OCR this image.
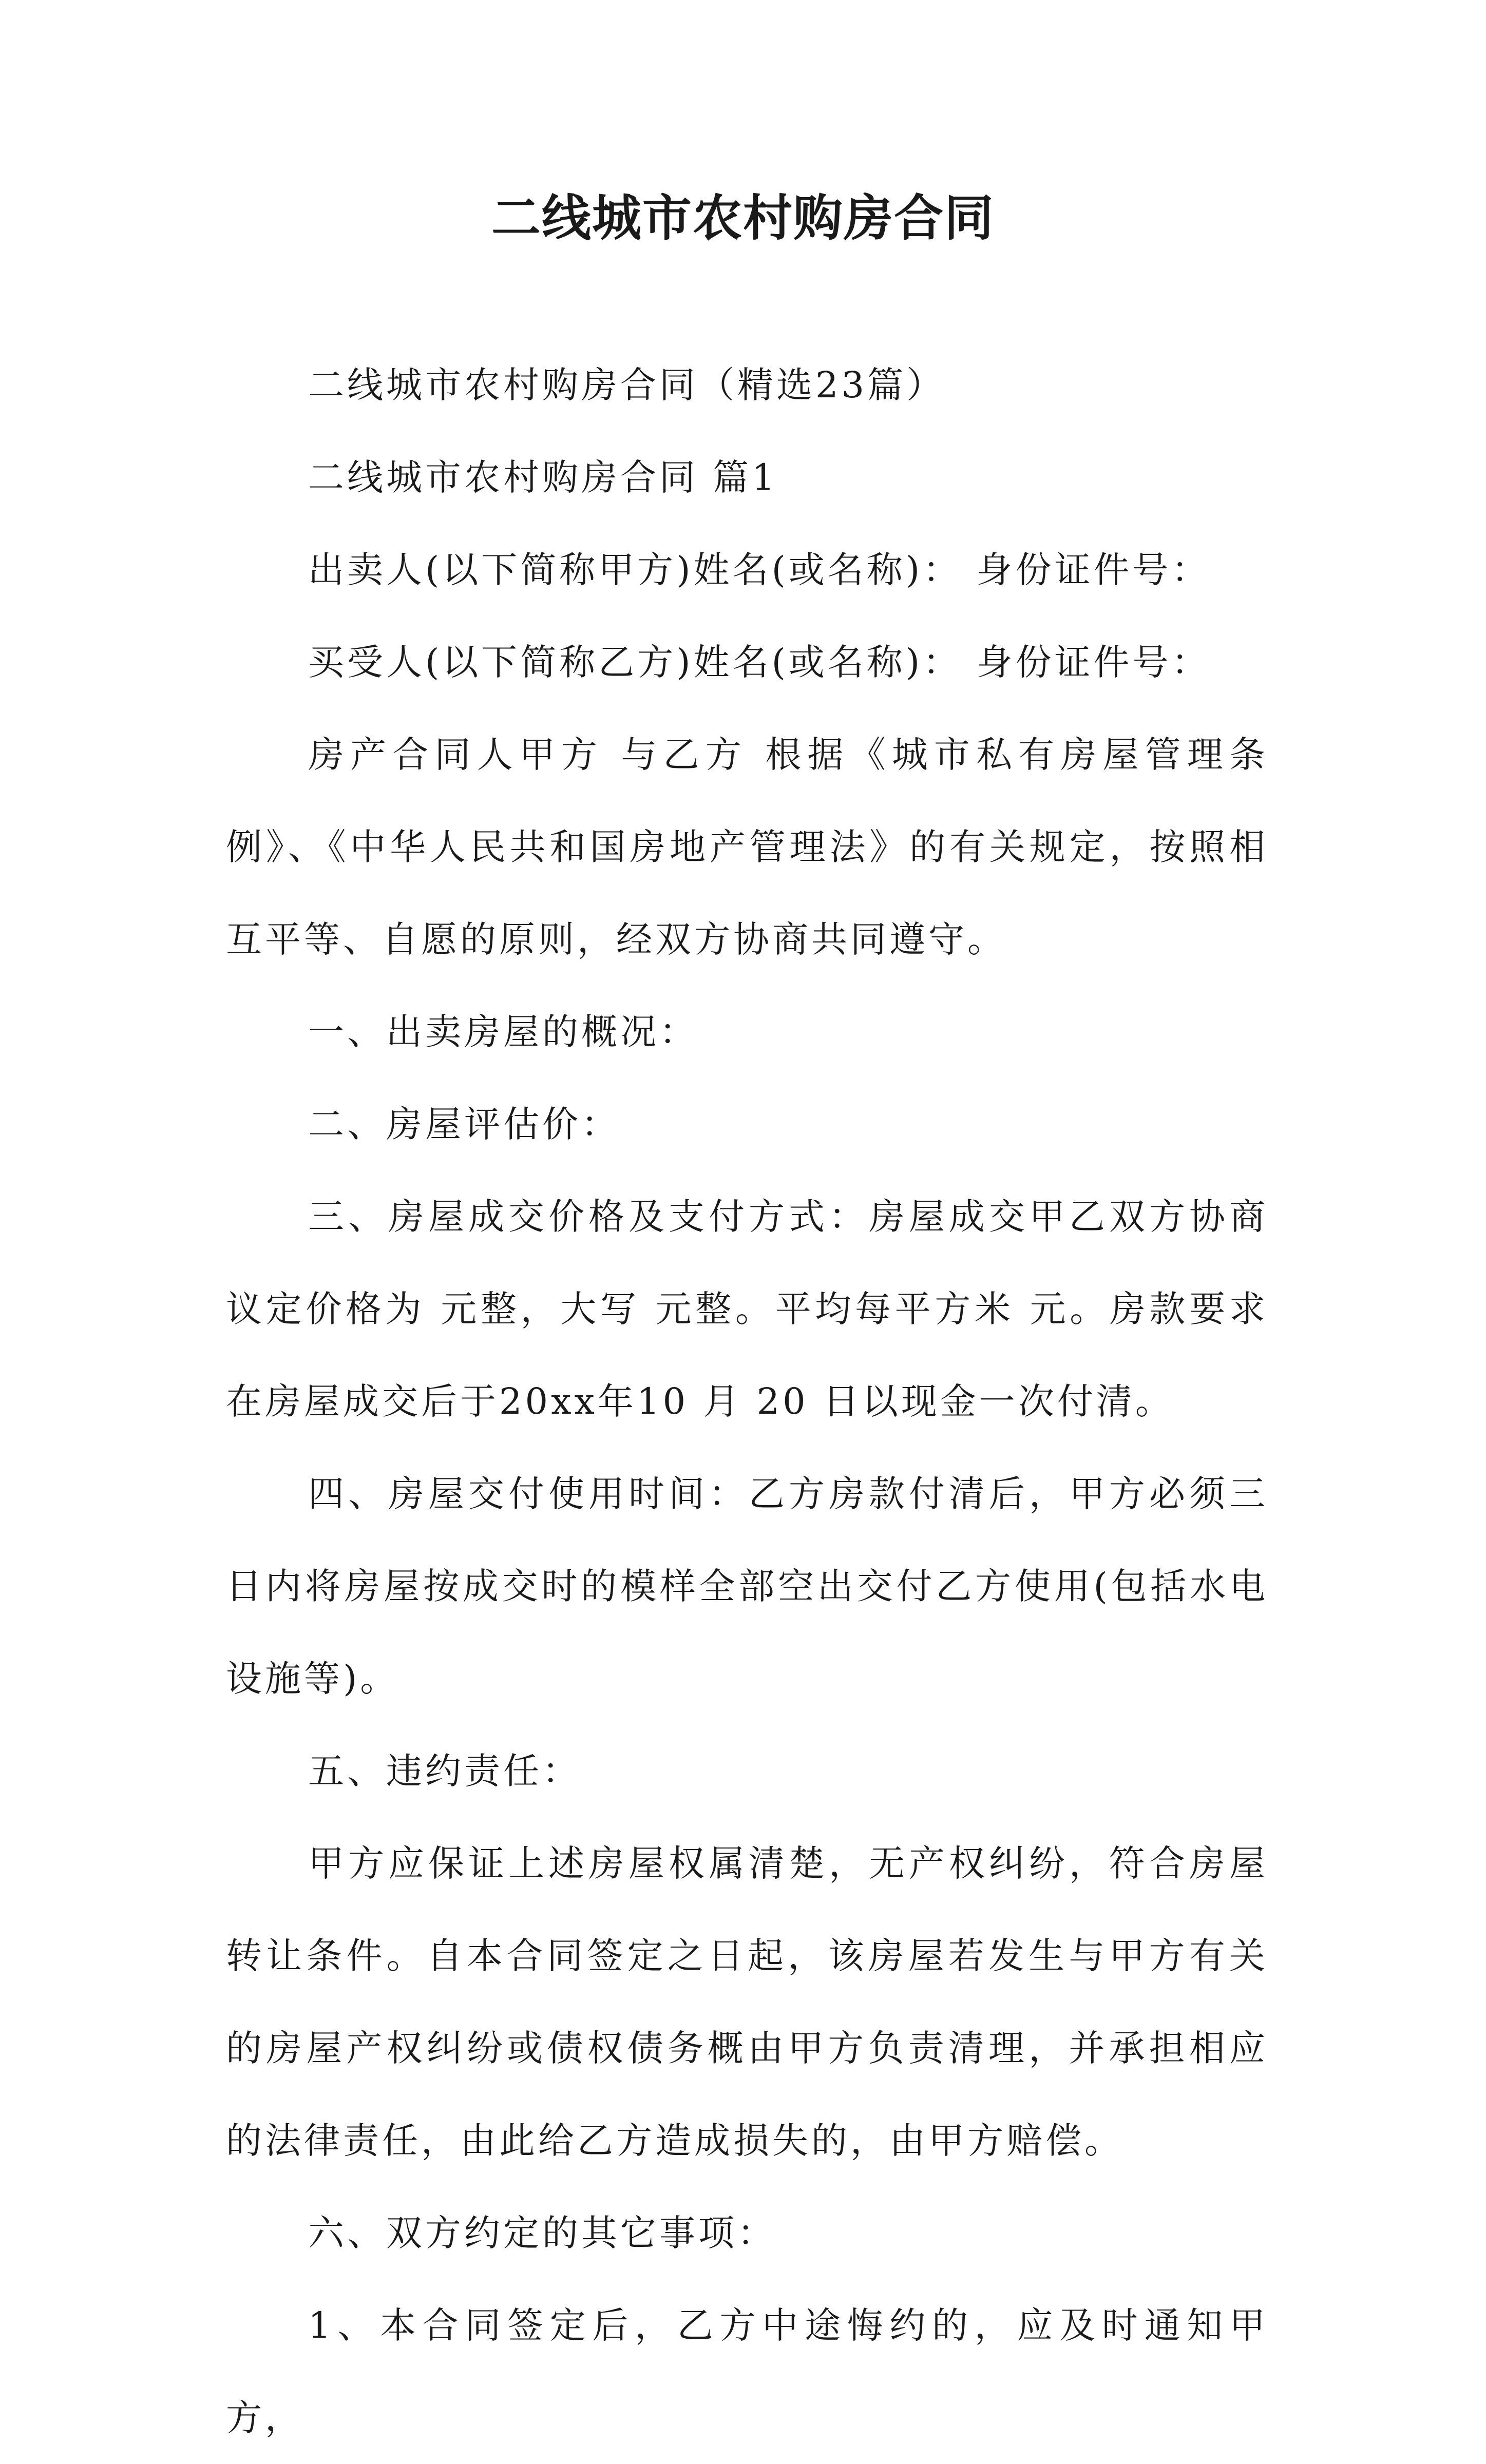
二线城市农村购房合同

二线城市农村购房合同（精选23篇）

二线城市农村购房合同 篇1

出卖人(以下简称甲方)姓名(或名称)： 身份证件号：

买受人(以下简称乙方)姓名(或名称)： 身份证件号：

房产合同人甲方 与乙方 根据《城市私有房屋管理条例》、《中华人民共和国房地产管理法》的有关规定，按照相互平等、自愿的原则，经双方协商共同遵守。

一、出卖房屋的概况：

二、房屋评估价：

三、房屋成交价格及支付方式：房屋成交甲乙双方协商议定价格为 元整，大写 元整。平均每平方米 元。房款要求在房屋成交后于20xx年10 月 20 日以现金一次付清。

四、房屋交付使用时间：乙方房款付清后，甲方必须三日内将房屋按成交时的模样全部空出交付乙方使用(包括水电设施等)。

五、违约责任：

甲方应保证上述房屋权属清楚，无产权纠纷，符合房屋转让条件。自本合同签定之日起，该房屋若发生与甲方有关的房屋产权纠纷或债权债务概由甲方负责清理，并承担相应的法律责任，由此给乙方造成损失的，由甲方赔偿。

六、双方约定的其它事项：

1、本合同签定后，乙方中途悔约的，应及时通知甲方，
